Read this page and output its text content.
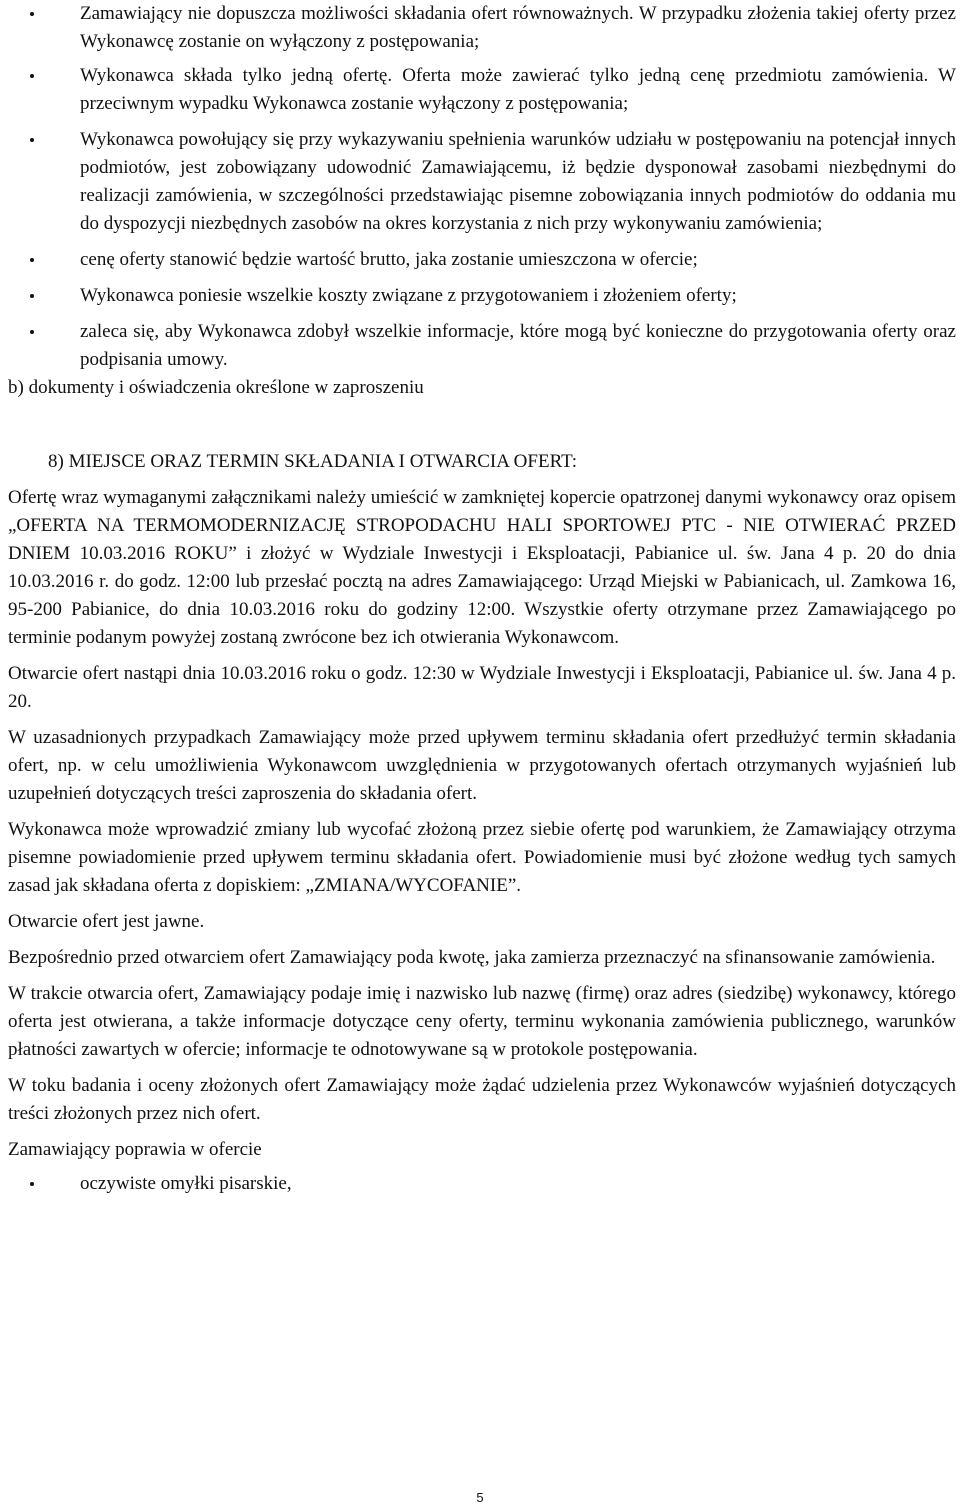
Zamawiający nie dopuszcza możliwości składania ofert równoważnych. W przypadku złożenia takiej oferty przez Wykonawcę zostanie on wyłączony z postępowania;
Wykonawca składa tylko jedną ofertę. Oferta może zawierać tylko jedną cenę przedmiotu zamówienia. W przeciwnym wypadku Wykonawca zostanie wyłączony z postępowania;
Wykonawca powołujący się przy wykazywaniu spełnienia warunków udziału w postępowaniu na potencjał innych podmiotów, jest zobowiązany udowodnić Zamawiającemu, iż będzie dysponował zasobami niezbędnymi do realizacji zamówienia, w szczególności przedstawiając pisemne zobowiązania innych podmiotów do oddania mu do dyspozycji niezbędnych zasobów na okres korzystania z nich przy wykonywaniu zamówienia;
cenę oferty stanowić będzie wartość brutto, jaka zostanie umieszczona w ofercie;
Wykonawca poniesie wszelkie koszty związane z przygotowaniem i złożeniem oferty;
zaleca się, aby Wykonawca zdobył wszelkie informacje, które mogą być konieczne do przygotowania oferty oraz podpisania umowy.

b) dokumenty i oświadczenia określone w zaproszeniu

8) MIEJSCE ORAZ TERMIN SKŁADANIA I OTWARCIA OFERT:

Ofertę wraz wymaganymi załącznikami należy umieścić w zamkniętej kopercie opatrzonej danymi wykonawcy oraz opisem „OFERTA NA TERMOMODERNIZACJĘ STROPODACHU HALI SPORTOWEJ PTC - NIE OTWIERAĆ PRZED DNIEM 10.03.2016 ROKU” i złożyć w Wydziale Inwestycji i Eksploatacji, Pabianice ul. św. Jana 4 p. 20 do dnia 10.03.2016 r. do godz. 12:00 lub przesłać pocztą na adres Zamawiającego: Urząd Miejski w Pabianicach, ul. Zamkowa 16, 95-200 Pabianice, do dnia 10.03.2016 roku do godziny 12:00. Wszystkie oferty otrzymane przez Zamawiającego po terminie podanym powyżej zostaną zwrócone bez ich otwierania Wykonawcom.

Otwarcie ofert nastąpi dnia 10.03.2016 roku o godz. 12:30 w Wydziale Inwestycji i Eksploatacji, Pabianice ul. św. Jana 4 p. 20.

W uzasadnionych przypadkach Zamawiający może przed upływem terminu składania ofert przedłużyć termin składania ofert, np. w celu umożliwienia Wykonawcom uwzględnienia w przygotowanych ofertach otrzymanych wyjaśnień lub uzupełnień dotyczących treści zaproszenia do składania ofert.

Wykonawca może wprowadzić zmiany lub wycofać złożoną przez siebie ofertę pod warunkiem, że Zamawiający otrzyma pisemne powiadomienie przed upływem terminu składania ofert. Powiadomienie musi być złożone według tych samych zasad jak składana oferta z dopiskiem: „ZMIANA/WYCOFANIE”.

Otwarcie ofert jest jawne.

Bezpośrednio przed otwarciem ofert Zamawiający poda kwotę, jaka zamierza przeznaczyć na sfinansowanie zamówienia.

W trakcie otwarcia ofert, Zamawiający podaje imię i nazwisko lub nazwę (firmę) oraz adres (siedzibę) wykonawcy, którego oferta jest otwierana, a także informacje dotyczące ceny oferty, terminu wykonania zamówienia publicznego, warunków płatności zawartych w ofercie; informacje te odnotowywane są w protokole postępowania.

W toku badania i oceny złożonych ofert Zamawiający może żądać udzielenia przez Wykonawców wyjaśnień dotyczących treści złożonych przez nich ofert.

Zamawiający poprawia w ofercie

oczywiste omyłki pisarskie,
5
